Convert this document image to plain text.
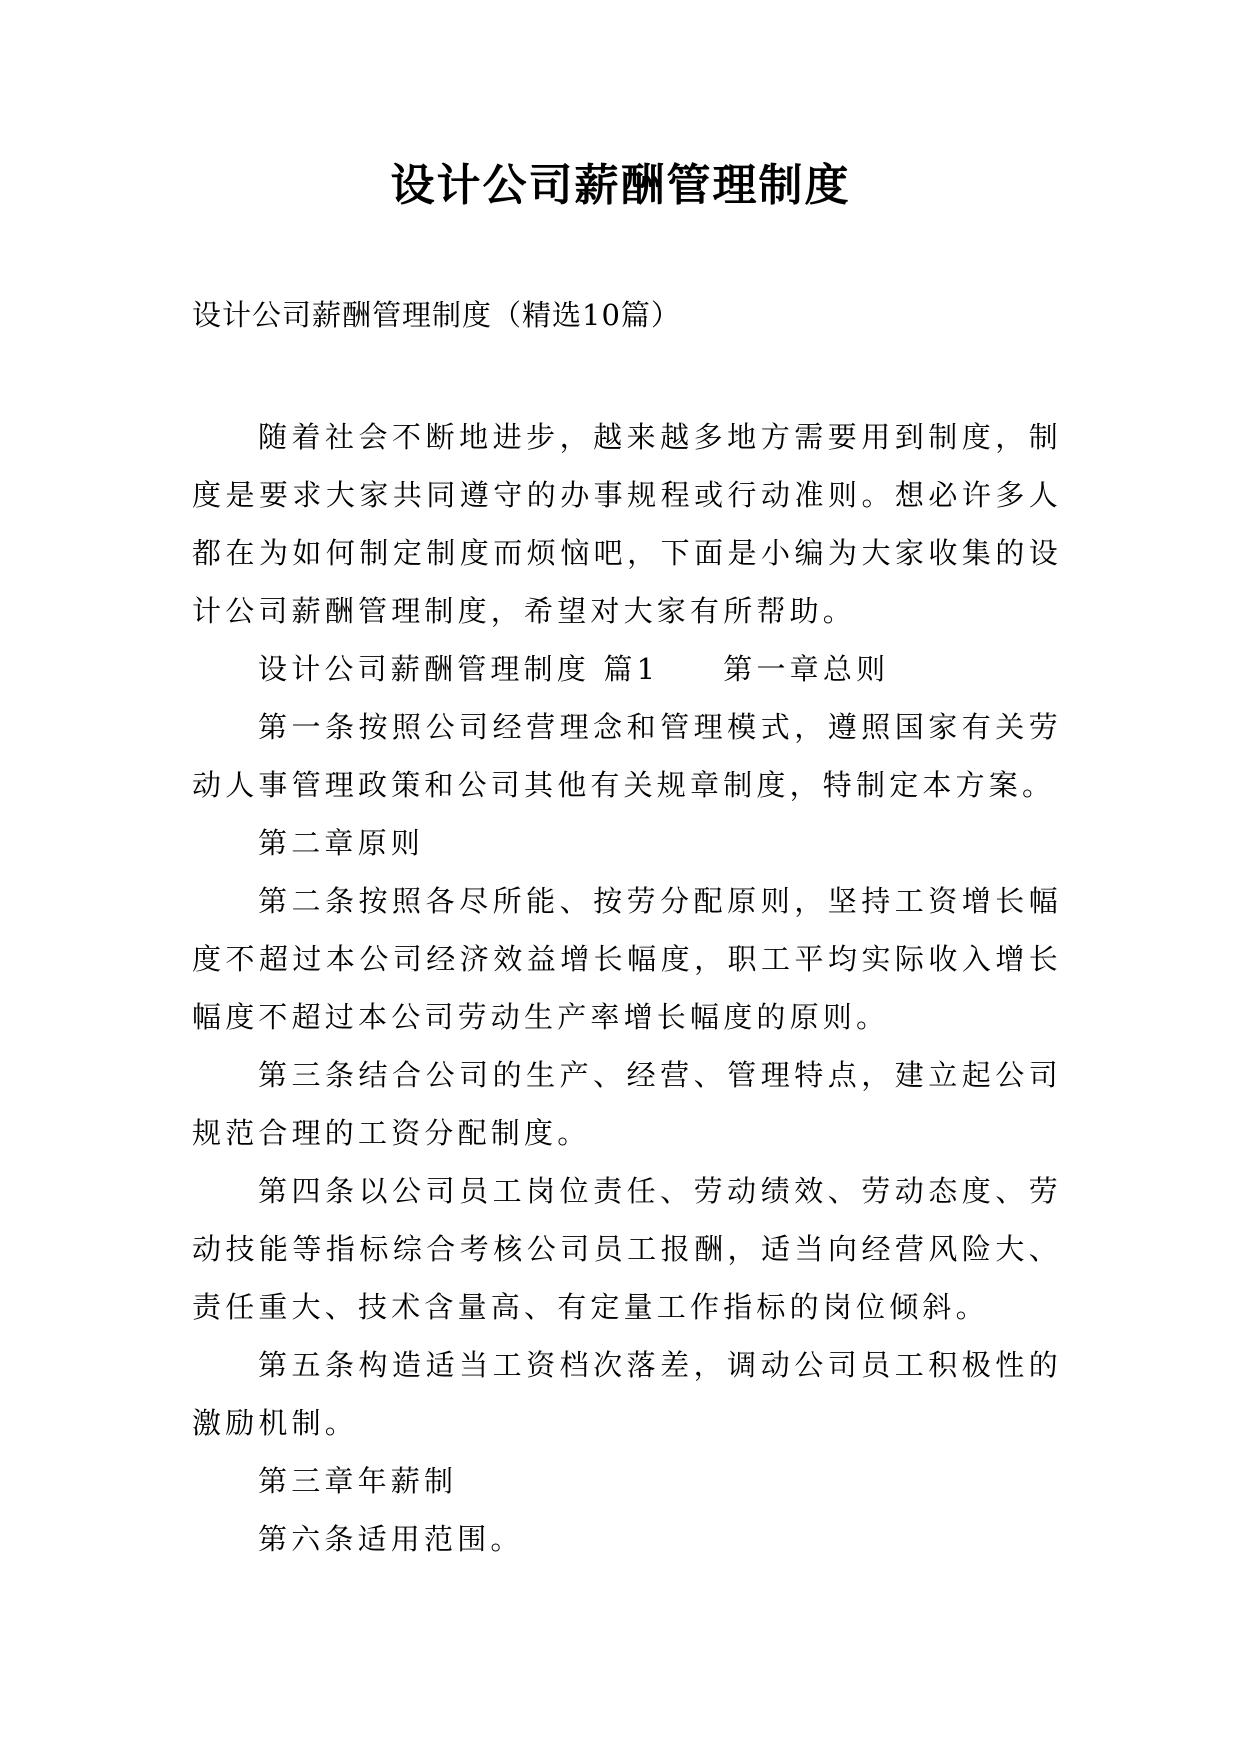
设计公司薪酬管理制度
设计公司薪酬管理制度（精选10篇）

随着社会不断地进步，越来越多地方需要用到制度，制度是要求大家共同遵守的办事规程或行动准则。想必许多人都在为如何制定制度而烦恼吧，下面是小编为大家收集的设计公司薪酬管理制度，希望对大家有所帮助。

设计公司薪酬管理制度 篇1 第一章总则

第一条按照公司经营理念和管理模式，遵照国家有关劳动人事管理政策和公司其他有关规章制度，特制定本方案。

第二章原则

第二条按照各尽所能、按劳分配原则，坚持工资增长幅度不超过本公司经济效益增长幅度，职工平均实际收入增长幅度不超过本公司劳动生产率增长幅度的原则。

第三条结合公司的生产、经营、管理特点，建立起公司规范合理的工资分配制度。

第四条以公司员工岗位责任、劳动绩效、劳动态度、劳动技能等指标综合考核公司员工报酬，适当向经营风险大、责任重大、技术含量高、有定量工作指标的岗位倾斜。

第五条构造适当工资档次落差，调动公司员工积极性的激励机制。

第三章年薪制

第六条适用范围。
